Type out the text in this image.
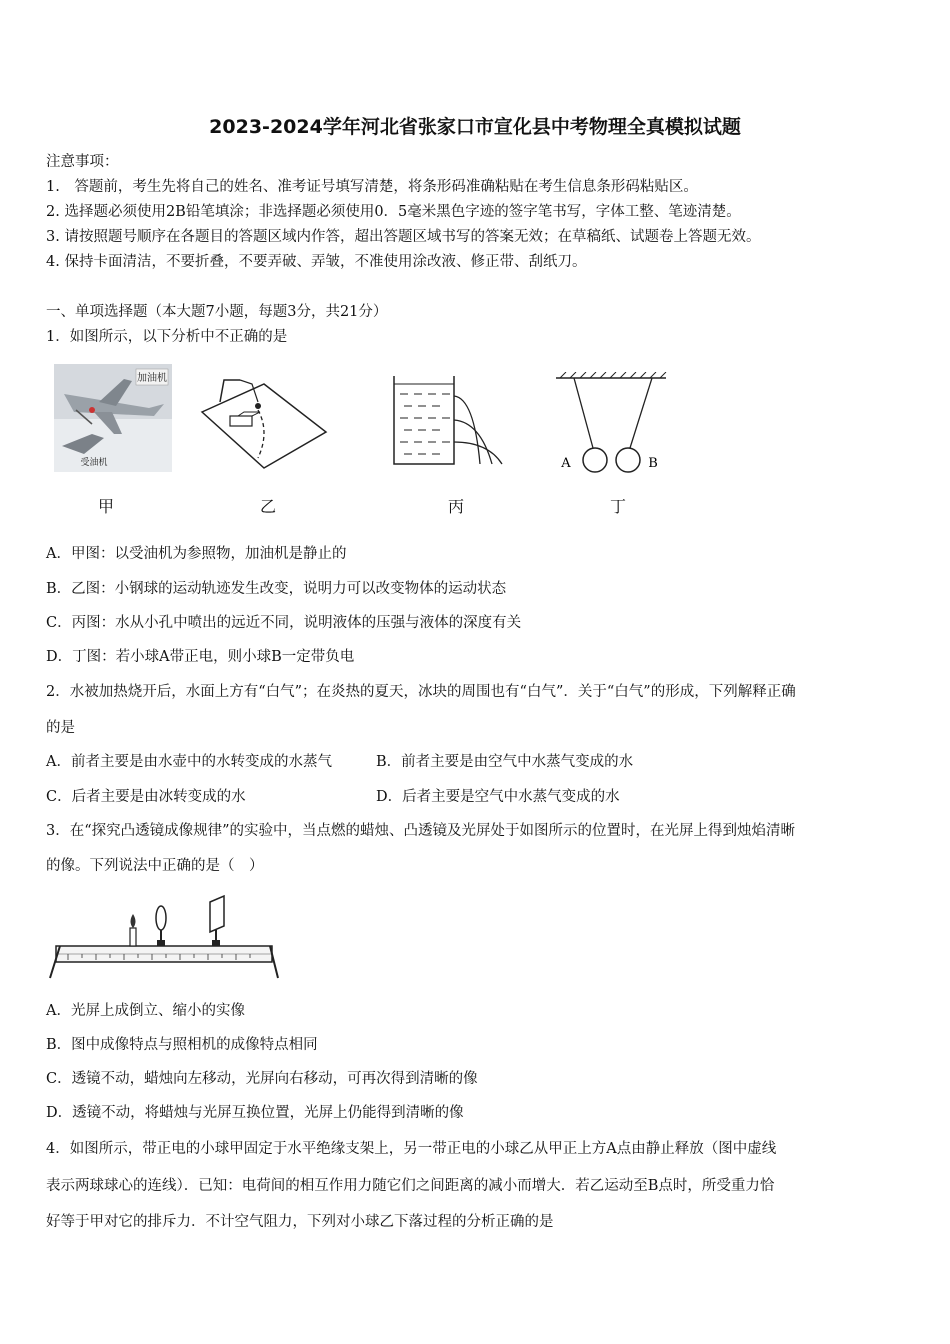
2023-2024学年河北省张家口市宣化县中考物理全真模拟试题
注意事项：
1.　答题前，考生先将自己的姓名、准考证号填写清楚，将条形码准确粘贴在考生信息条形码粘贴区。
2. 选择题必须使用2B铅笔填涂；非选择题必须使用0．5毫米黑色字迹的签字笔书写，字体工整、笔迹清楚。
3. 请按照题号顺序在各题目的答题区域内作答，超出答题区域书写的答案无效；在草稿纸、试题卷上答题无效。
4. 保持卡面清洁，不要折叠，不要弄破、弄皱，不准使用涂改液、修正带、刮纸刀。
一、单项选择题（本大题7小题，每题3分，共21分）
1．如图所示，以下分析中不正确的是
加油机
受油机	A	B
甲	乙	丙	丁
A．甲图：以受油机为参照物，加油机是静止的
B．乙图：小钢球的运动轨迹发生改变，说明力可以改变物体的运动状态
C．丙图：水从小孔中喷出的远近不同，说明液体的压强与液体的深度有关
D．丁图：若小球A带正电，则小球B一定带负电
2．水被加热烧开后，水面上方有“白气”；在炎热的夏天，冰块的周围也有“白气”．关于“白气”的形成，下列解释正确
的是
A．前者主要是由水壶中的水转变成的水蒸气	B．前者主要是由空气中水蒸气变成的水
C．后者主要是由冰转变成的水	D．后者主要是空气中水蒸气变成的水
3．在“探究凸透镜成像规律”的实验中，当点燃的蜡烛、凸透镜及光屏处于如图所示的位置时，在光屏上得到烛焰清晰
的像。下列说法中正确的是（　）
A．光屏上成倒立、缩小的实像
B．图中成像特点与照相机的成像特点相同
C．透镜不动，蜡烛向左移动，光屏向右移动，可再次得到清晰的像
D．透镜不动，将蜡烛与光屏互换位置，光屏上仍能得到清晰的像
4．如图所示，带正电的小球甲固定于水平绝缘支架上，另一带正电的小球乙从甲正上方A点由静止释放（图中虚线
表示两球球心的连线）．已知：电荷间的相互作用力随它们之间距离的减小而增大．若乙运动至B点时，所受重力恰
好等于甲对它的排斥力．不计空气阻力，下列对小球乙下落过程的分析正确的是
